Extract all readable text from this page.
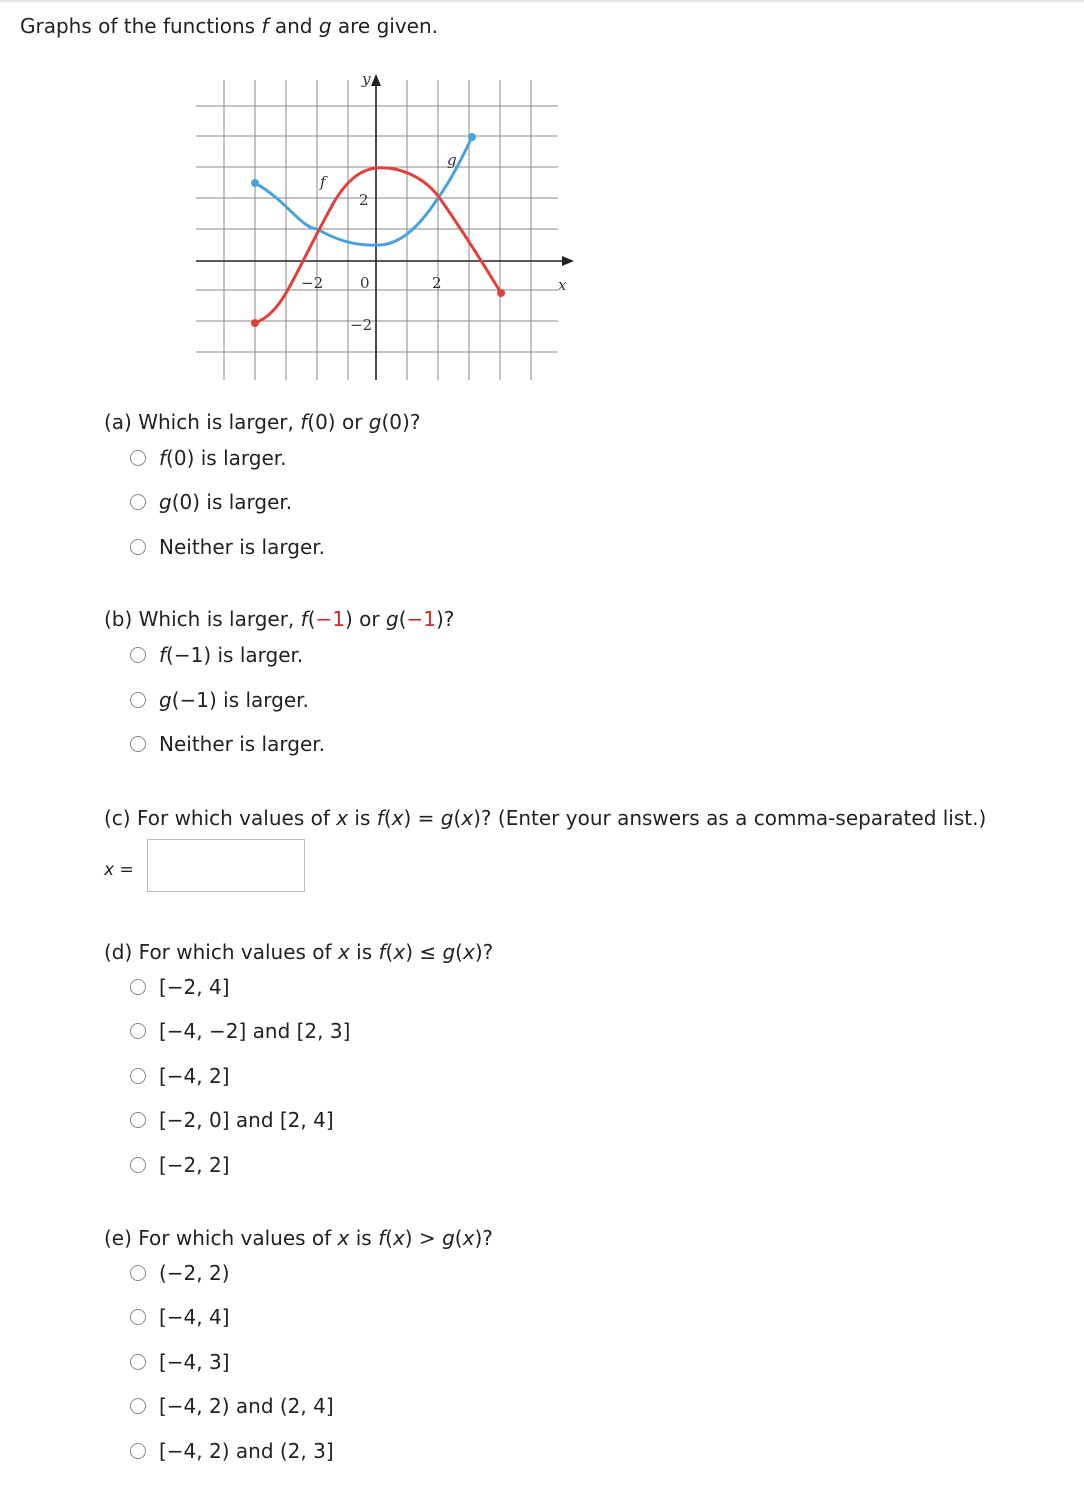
Graphs of the functions f and g are given.
y
x
f
g
−2 0	2
2
−2
(a) Which is larger, f(0) or g(0)?
f (0) is larger.
g (0) is larger.
Neither is larger.
(b) Which is larger, f(−1) or g(−1)?
f (−1) is larger.
g (−1) is larger.
Neither is larger.
(c) For which values of x is f(x) = g(x)? (Enter your answers as a comma-separated list.)
x =
(d) For which values of x is f(x) ≤ g(x)?
[−2, 4]
[−4, −2] and [2, 3]
[−4, 2]
[−2, 0] and [2, 4]
[−2, 2]
(e) For which values of x is f(x) > g(x)?
(−2, 2)
[−4, 4]
[−4, 3]
[−4, 2) and (2, 4]
[−4, 2) and (2, 3]
